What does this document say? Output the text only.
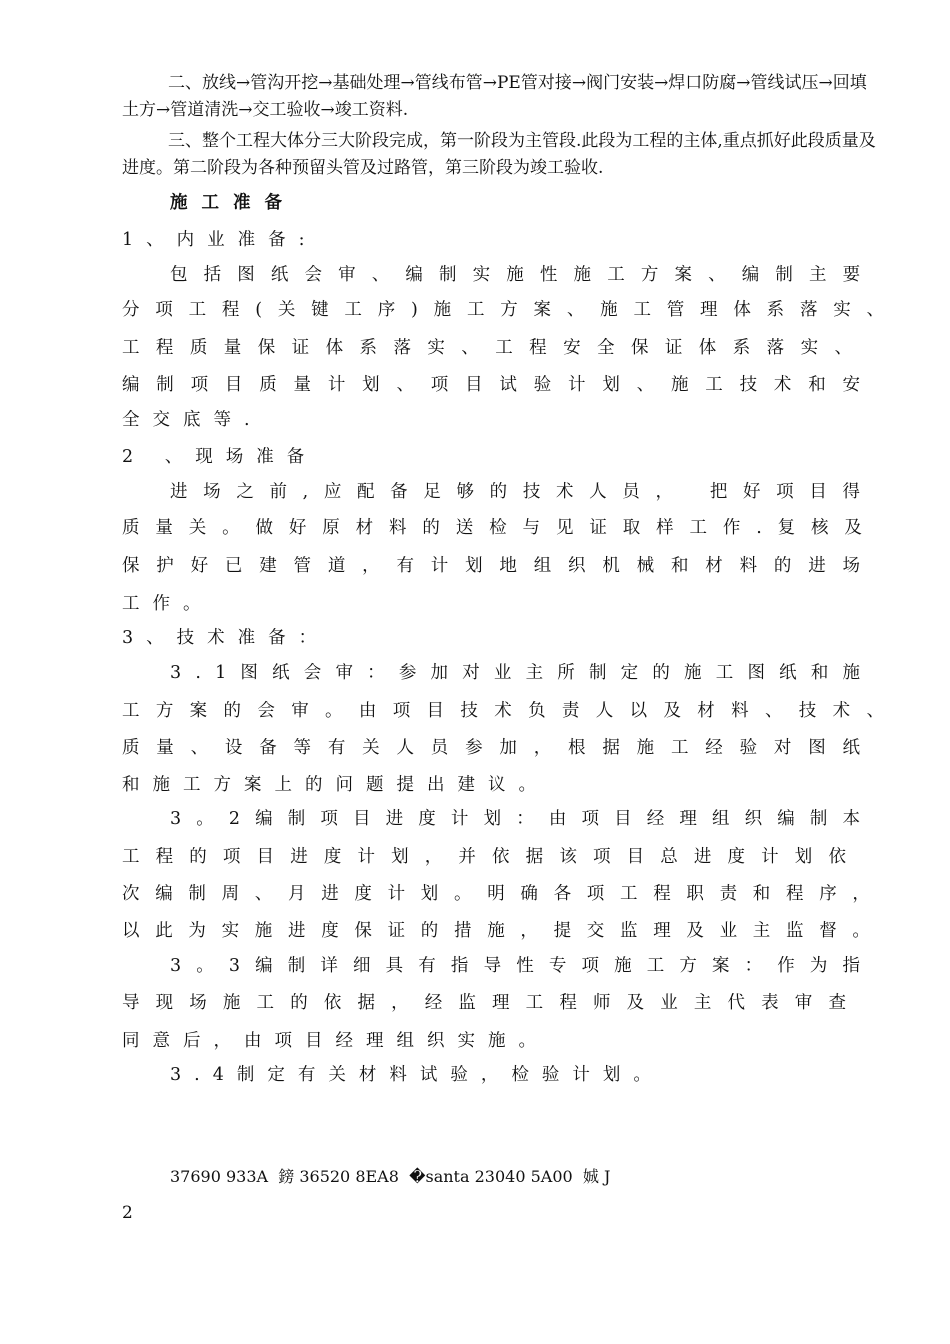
二、放线→管沟开挖→基础处理→管线布管→PE管对接→阀门安装→焊口防腐→管线试压→回填土方→管道清洗→交工验收→竣工资料.

三、整个工程大体分三大阶段完成，第一阶段为主管段.此段为工程的主体,重点抓好此段质量及进度。第二阶段为各种预留头管及过路管，第三阶段为竣工验收.

施工准备

1、内业准备:

包括图纸会审、编制实施性施工方案、编制主要

分项工程(关键工序)施工方案、施工管理体系落实、

工程质量保证体系落实、工程安全保证体系落实、

编制项目质量计划、项目试验计划、施工技术和安

全交底等.

2 、现场准备

进场之前,应配备足够的技术人员， 把好项目得

质量关。做好原材料的送检与见证取样工作.复核及

保护好已建管道，有计划地组织机械和材料的进场

工作。

3、技术准备：

3.1图纸会审：参加对业主所制定的施工图纸和施

工方案的会审。由项目技术负责人以及材料、技术、

质量、设备等有关人员参加，根据施工经验对图纸

和施工方案上的问题提出建议。

3。2编制项目进度计划：由项目经理组织编制本

工程的项目进度计划，并依据该项目总进度计划依

次编制周、月进度计划。明确各项工程职责和程序，

以此为实施进度保证的措施，提交监理及业主监督。

3。3编制详细具有指导性专项施工方案：作为指

导现场施工的依据，经监理工程师及业主代表审查

同意后，由项目经理组织实施。

3.4制定有关材料试验，检验计划。

37690 933A  鎊 36520 8EA8  �santa 23040 5A00  娍 J

2
